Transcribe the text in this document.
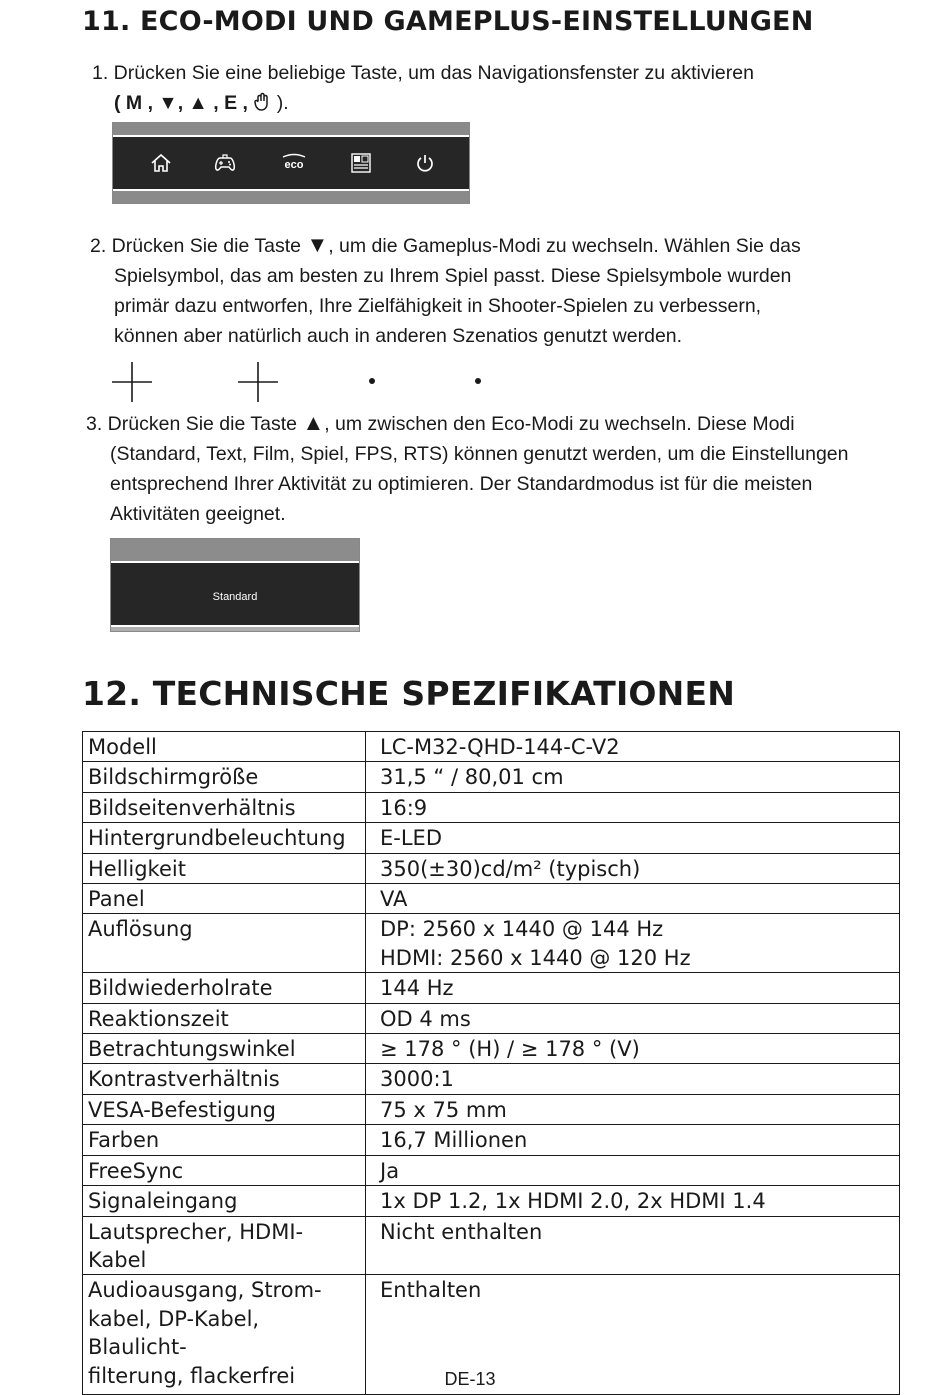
11. ECO-MODI UND GAMEPLUS-EINSTELLUNGEN
1. Drücken Sie eine beliebige Taste, um das Navigationsfenster zu aktivieren
( M , ▼, ▲ , E ,  ).
eco
2. Drücken Sie die Taste ▼, um die Gameplus-Modi zu wechseln. Wählen Sie das
Spielsymbol, das am besten zu Ihrem Spiel passt. Diese Spielsymbole wurden
primär dazu entworfen, Ihre Zielfähigkeit in Shooter-Spielen zu verbessern,
können aber natürlich auch in anderen Szenatios genutzt werden.
3. Drücken Sie die Taste ▲, um zwischen den Eco-Modi zu wechseln. Diese Modi
(Standard, Text, Film, Spiel, FPS, RTS) können genutzt werden, um die Einstellungen
entsprechend Ihrer Aktivität zu optimieren. Der Standardmodus ist für die meisten
Aktivitäten geeignet.
Standard
12. TECHNISCHE SPEZIFIKATIONEN
Modell	LC-M32-QHD-144-C-V2
Bildschirmgröße	31,5 “ / 80,01 cm
Bildseitenverhältnis	16:9
Hintergrundbeleuchtung	E-LED
Helligkeit	350(±30)cd/m² (typisch)
Panel	VA
Auflösung	DP: 2560 x 1440 @ 144 Hz
HDMI: 2560 x 1440 @ 120 Hz

Bildwiederholrate	144 Hz
Reaktionszeit	OD 4 ms
Betrachtungswinkel	≥ 178 ° (H) / ≥ 178 ° (V)
Kontrastverhältnis	3000:1
VESA-Befestigung	75 x 75 mm
Farben	16,7 Millionen
FreeSync	Ja
Signaleingang	1x DP 1.2, 1x HDMI 2.0, 2x HDMI 1.4
Lautsprecher, HDMI-Kabel	Nicht enthalten

Audioausgang, Strom-
kabel, DP-Kabel, Blaulicht-
filterung, flackerfrei	Enthalten
DE-13
